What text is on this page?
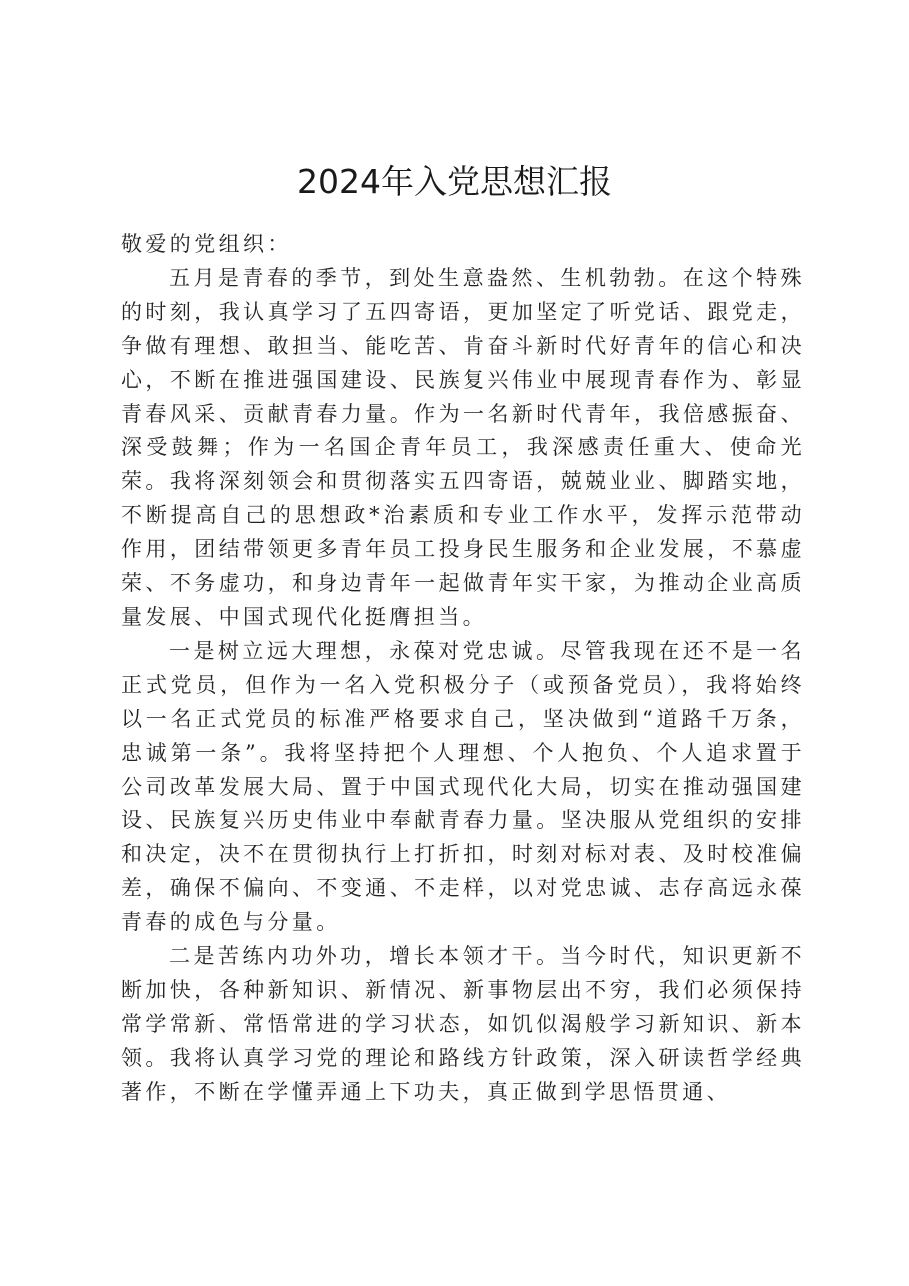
2024年入党思想汇报

敬爱的党组织：

五月是青春的季节，到处生意盎然、生机勃勃。在这个特殊的时刻，我认真学习了五四寄语，更加坚定了听党话、跟党走，争做有理想、敢担当、能吃苦、肯奋斗新时代好青年的信心和决心，不断在推进强国建设、民族复兴伟业中展现青春作为、彰显青春风采、贡献青春力量。作为一名新时代青年，我倍感振奋、深受鼓舞；作为一名国企青年员工，我深感责任重大、使命光荣。我将深刻领会和贯彻落实五四寄语，兢兢业业、脚踏实地，不断提高自己的思想政*治素质和专业工作水平，发挥示范带动作用，团结带领更多青年员工投身民生服务和企业发展，不慕虚荣、不务虚功，和身边青年一起做青年实干家，为推动企业高质量发展、中国式现代化挺膺担当。

一是树立远大理想，永葆对党忠诚。尽管我现在还不是一名正式党员，但作为一名入党积极分子（或预备党员），我将始终以一名正式党员的标准严格要求自己，坚决做到“道路千万条，忠诚第一条”。我将坚持把个人理想、个人抱负、个人追求置于公司改革发展大局、置于中国式现代化大局，切实在推动强国建设、民族复兴历史伟业中奉献青春力量。坚决服从党组织的安排和决定，决不在贯彻执行上打折扣，时刻对标对表、及时校准偏差，确保不偏向、不变通、不走样，以对党忠诚、志存高远永葆青春的成色与分量。

二是苦练内功外功，增长本领才干。当今时代，知识更新不断加快，各种新知识、新情况、新事物层出不穷，我们必须保持常学常新、常悟常进的学习状态，如饥似渴般学习新知识、新本领。我将认真学习党的理论和路线方针政策，深入研读哲学经典著作，不断在学懂弄通上下功夫，真正做到学思悟贯通、
